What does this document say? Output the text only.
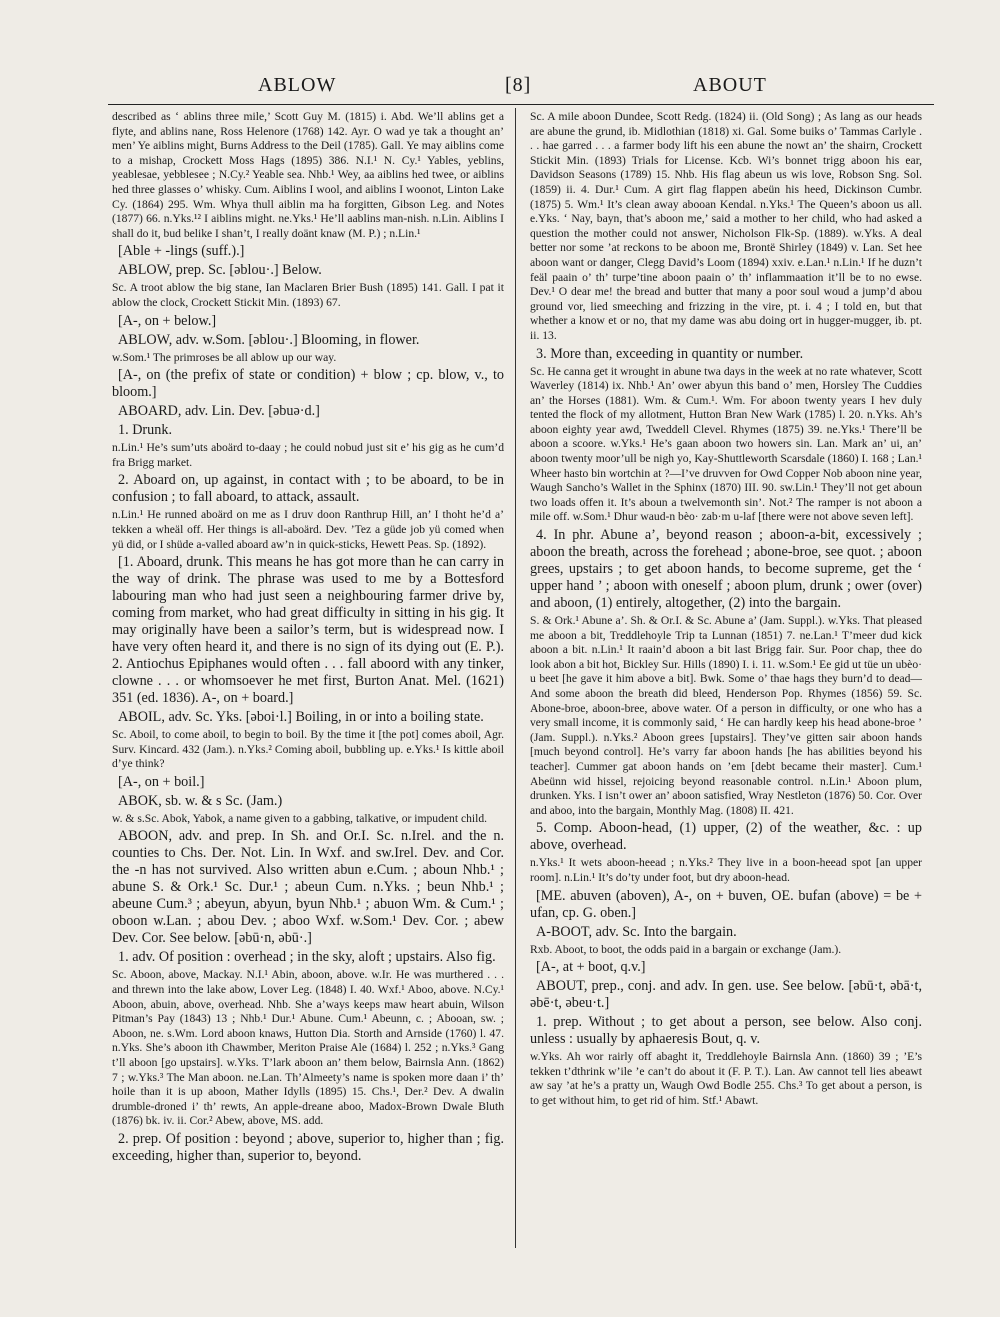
ABLOW	[8]	ABOUT

described as ‘ ablins three mile,’ Scott Guy M. (1815) i. Abd. We’ll ablins get a flyte, and ablins nane, Ross Helenore (1768) 142. Ayr. O wad ye tak a thought an’ men’ Ye aiblins might, Burns Address to the Deil (1785). Gall. Ye may aiblins come to a mishap, Crockett Moss Hags (1895) 386. N.I.¹ N. Cy.¹ Yables, yeblins, yeablesae, yebblesee ; N.Cy.² Yeable sea. Nhb.¹ Wey, aa aiblins hed twee, or aiblins hed three glasses o’ whisky. Cum. Aiblins I wool, and aiblins I woonot, Linton Lake Cy. (1864) 295. Wm. Whya thull aiblin ma ha forgitten, Gibson Leg. and Notes (1877) 66. n.Yks.¹² I aiblins might. ne.Yks.¹ He’ll aablins man-nish. n.Lin. Aiblins I shall do it, bud belike I shan’t, I really doänt knaw (M. P.) ; n.Lin.¹

[Able + -lings (suff.).]

ABLOW, prep. Sc. [əblou·.] Below.

Sc. A troot ablow the big stane, Ian Maclaren Brier Bush (1895) 141. Gall. I pat it ablow the clock, Crockett Stickit Min. (1893) 67.

[A-, on + below.]

ABLOW, adv. w.Som. [əblou·.] Blooming, in flower.

w.Som.¹ The primroses be all ablow up our way.

[A-, on (the prefix of state or condition) + blow ; cp. blow, v., to bloom.]

ABOARD, adv. Lin. Dev. [əbuə·d.]

1. Drunk.

n.Lin.¹ He’s sum’uts aboärd to-daay ; he could nobud just sit e’ his gig as he cum’d fra Brigg market.

2. Aboard on, up against, in contact with ; to be aboard, to be in confusion ; to fall aboard, to attack, assault.

n.Lin.¹ He runned aboärd on me as I druv doon Ranthrup Hill, an’ I thoht he’d a’ tekken a wheäl off. Her things is all-aboärd. Dev. ’Tez a güde job yü comed when yü did, or I shüde a-valled aboard aw’n in quick-sticks, Hewett Peas. Sp. (1892).

[1. Aboard, drunk. This means he has got more than he can carry in the way of drink. The phrase was used to me by a Bottesford labouring man who had just seen a neighbouring farmer drive by, coming from market, who had great difficulty in sitting in his gig. It may originally have been a sailor’s term, but is widespread now. I have very often heard it, and there is no sign of its dying out (E. P.). 2. Antiochus Epiphanes would often . . . fall aboord with any tinker, clowne . . . or whomsoever he met first, Burton Anat. Mel. (1621) 351 (ed. 1836). A-, on + board.]

ABOIL, adv. Sc. Yks. [əboi·l.] Boiling, in or into a boiling state.

Sc. Aboil, to come aboil, to begin to boil. By the time it [the pot] comes aboil, Agr. Surv. Kincard. 432 (Jam.). n.Yks.² Coming aboil, bubbling up. e.Yks.¹ Is kittle aboil d’ye think?

[A-, on + boil.]

ABOK, sb. w. & s Sc. (Jam.)

w. & s.Sc. Abok, Yabok, a name given to a gabbing, talkative, or impudent child.

ABOON, adv. and prep. In Sh. and Or.I. Sc. n.Irel. and the n. counties to Chs. Der. Not. Lin. In Wxf. and sw.Irel. Dev. and Cor. the -n has not survived. Also written abun e.Cum. ; aboun Nhb.¹ ; abune S. & Ork.¹ Sc. Dur.¹ ; abeun Cum. n.Yks. ; beun Nhb.¹ ; abeune Cum.³ ; abeyun, abyun, byun Nhb.¹ ; abuon Wm. & Cum.¹ ; oboon w.Lan. ; abou Dev. ; aboo Wxf. w.Som.¹ Dev. Cor. ; abew Dev. Cor. See below. [əbū·n, əbū·.]

1. adv. Of position : overhead ; in the sky, aloft ; upstairs. Also fig.

Sc. Aboon, above, Mackay. N.I.¹ Abin, aboon, above. w.Ir. He was murthered . . . and threwn into the lake abow, Lover Leg. (1848) I. 40. Wxf.¹ Aboo, above. N.Cy.¹ Aboon, abuin, above, overhead. Nhb. She a’ways keeps maw heart abuin, Wilson Pitman’s Pay (1843) 13 ; Nhb.¹ Dur.¹ Abune. Cum.¹ Abeunn, c. ; Abooan, sw. ; Aboon, ne. s.Wm. Lord aboon knaws, Hutton Dia. Storth and Arnside (1760) l. 47. n.Yks. She’s aboon ith Chawmber, Meriton Praise Ale (1684) l. 252 ; n.Yks.³ Gang t’ll aboon [go upstairs]. w.Yks. T’lark aboon an’ them below, Bairnsla Ann. (1862) 7 ; w.Yks.³ The Man aboon. ne.Lan. Th’Almeety’s name is spoken more daan i’ th’ hoile than it is up aboon, Mather Idylls (1895) 15. Chs.¹, Der.² Dev. A dwalin drumble-droned i’ th’ rewts, An apple-dreane aboo, Madox-Brown Dwale Bluth (1876) bk. iv. ii. Cor.² Abew, above, MS. add.

2. prep. Of position : beyond ; above, superior to, higher than ; fig. exceeding, higher than, superior to, beyond.

Sc. A mile aboon Dundee, Scott Redg. (1824) ii. (Old Song) ; As lang as our heads are abune the grund, ib. Midlothian (1818) xi. Gal. Some buiks o’ Tammas Carlyle . . . hae garred . . . a farmer body lift his een abune the nowt an’ the shairn, Crockett Stickit Min. (1893) Trials for License. Kcb. Wi’s bonnet trigg aboon his ear, Davidson Seasons (1789) 15. Nhb. His flag abeun us wis love, Robson Sng. Sol. (1859) ii. 4. Dur.¹ Cum. A girt flag flappen abeün his heed, Dickinson Cumbr. (1875) 5. Wm.¹ It’s clean away abooan Kendal. n.Yks.¹ The Queen’s aboon us all. e.Yks. ‘ Nay, bayn, that’s aboon me,’ said a mother to her child, who had asked a question the mother could not answer, Nicholson Flk-Sp. (1889). w.Yks. A deal better nor some ’at reckons to be aboon me, Brontë Shirley (1849) v. Lan. Set hee aboon want or danger, Clegg David’s Loom (1894) xxiv. e.Lan.¹ n.Lin.¹ If he duzn’t feäl paain o’ th’ turpe’tine aboon paain o’ th’ inflammaation it’ll be to no ewse. Dev.¹ O dear me! the bread and butter that many a poor soul woud a jump’d abou ground vor, lied smeeching and frizzing in the vire, pt. i. 4 ; I told en, but that whether a know et or no, that my dame was abu doing ort in hugger-mugger, ib. pt. ii. 13.

3. More than, exceeding in quantity or number.

Sc. He canna get it wrought in abune twa days in the week at no rate whatever, Scott Waverley (1814) ix. Nhb.¹ An’ ower abyun this band o’ men, Horsley The Cuddies an’ the Horses (1881). Wm. & Cum.¹. Wm. For aboon twenty years I hev duly tented the flock of my allotment, Hutton Bran New Wark (1785) l. 20. n.Yks. Ah’s aboon eighty year awd, Tweddell Clevel. Rhymes (1875) 39. ne.Yks.¹ There’ll be aboon a scoore. w.Yks.¹ He’s gaan aboon two howers sin. Lan. Mark an’ ui, an’ aboon twenty moor’ull be nigh yo, Kay-Shuttleworth Scarsdale (1860) I. 168 ; Lan.¹ Wheer hasto bin wortchin at ?—I’ve druvven for Owd Copper Nob aboon nine year, Waugh Sancho’s Wallet in the Sphinx (1870) III. 90. sw.Lin.¹ They’ll not get aboun two loads offen it. It’s aboun a twelvemonth sin’. Not.² The ramper is not aboon a mile off. w.Som.¹ Dhur waud-n bèo· zab·m u-laf [there were not above seven left].

4. In phr. Abune a’, beyond reason ; aboon-a-bit, excessively ; aboon the breath, across the forehead ; abone-broe, see quot. ; aboon grees, upstairs ; to get aboon hands, to become supreme, get the ‘ upper hand ’ ; aboon with oneself ; aboon plum, drunk ; ower (over) and aboon, (1) entirely, altogether, (2) into the bargain.

S. & Ork.¹ Abune a’. Sh. & Or.I. & Sc. Abune a’ (Jam. Suppl.). w.Yks. That pleased me aboon a bit, Treddlehoyle Trip ta Lunnan (1851) 7. ne.Lan.¹ T’meer dud kick aboon a bit. n.Lin.¹ It raain’d aboon a bit last Brigg fair. Sur. Poor chap, thee do look abon a bit hot, Bickley Sur. Hills (1890) I. i. 11. w.Som.¹ Ee gid ut tüe un ubèo· u beet [he gave it him above a bit]. Bwk. Some o’ thae hags they burn’d to dead—And some aboon the breath did bleed, Henderson Pop. Rhymes (1856) 59. Sc. Abone-broe, aboon-bree, above water. Of a person in difficulty, or one who has a very small income, it is commonly said, ‘ He can hardly keep his head abone-broe ’ (Jam. Suppl.). n.Yks.² Aboon grees [upstairs]. They’ve gitten sair aboon hands [much beyond control]. He’s varry far aboon hands [he has abilities beyond his teacher]. Cummer gat aboon hands on ’em [debt became their master]. Cum.¹ Abeünn wid hissel, rejoicing beyond reasonable control. n.Lin.¹ Aboon plum, drunken. Yks. I isn’t ower an’ aboon satisfied, Wray Nestleton (1876) 50. Cor. Over and aboo, into the bargain, Monthly Mag. (1808) II. 421.

5. Comp. Aboon-head, (1) upper, (2) of the weather, &c. : up above, overhead.

n.Yks.¹ It wets aboon-heead ; n.Yks.² They live in a boon-heead spot [an upper room]. n.Lin.¹ It’s do’ty under foot, but dry aboon-head.

[ME. abuven (aboven), A-, on + buven, OE. bufan (above) = be + ufan, cp. G. oben.]

A-BOOT, adv. Sc. Into the bargain.

Rxb. Aboot, to boot, the odds paid in a bargain or exchange (Jam.).

[A-, at + boot, q.v.]

ABOUT, prep., conj. and adv. In gen. use. See below. [əbū·t, əbā·t, əbē·t, əbeu·t.]

1. prep. Without ; to get about a person, see below. Also conj. unless : usually by aphaeresis Bout, q. v.

w.Yks. Ah wor rairly off abaght it, Treddlehoyle Bairnsla Ann. (1860) 39 ; ’E’s tekken t’dthrink w’ile ’e can’t do about it (F. P. T.). Lan. Aw cannot tell lies abeawt aw say ’at he’s a pratty un, Waugh Owd Bodle 255. Chs.³ To get about a person, is to get without him, to get rid of him. Stf.¹ Abawt.
